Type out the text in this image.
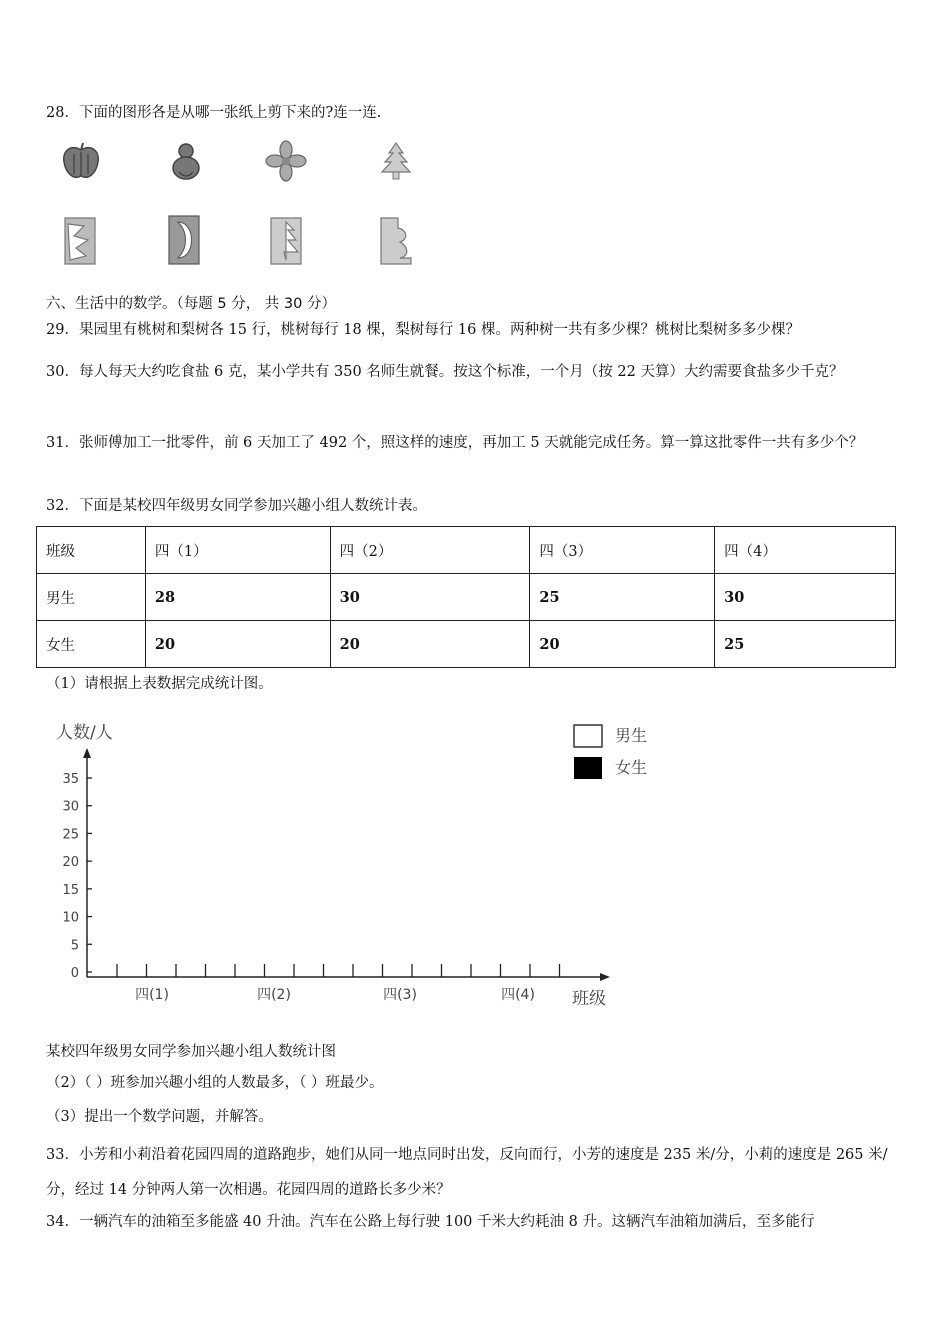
28．下面的图形各是从哪一张纸上剪下来的?连一连.
六、生活中的数学。（每题 5 分， 共 30 分）
29．果园里有桃树和梨树各 15 行，桃树每行 18 棵，梨树每行 16 棵。两种树一共有多少棵？桃树比梨树多多少棵？
30．每人每天大约吃食盐 6 克，某小学共有 350 名师生就餐。按这个标准，一个月（按 22 天算）大约需要食盐多少千克？
31．张师傅加工一批零件，前 6 天加工了 492 个，照这样的速度，再加工 5 天就能完成任务。算一算这批零件一共有多少个？
32．下面是某校四年级男女同学参加兴趣小组人数统计表。
班级	四（1）	四（2）	四（3）	四（4）
男生	28	30	25	30
女生	20	20	20	25
（1）请根据上表数据完成统计图。
人数/人
0
5
10
15
20
25
30
35
四(1)	四(2)	四(3)	四(4) 班级
男生
女生
某校四年级男女同学参加兴趣小组人数统计图
（2）（ ）班参加兴趣小组的人数最多，（ ）班最少。
（3）提出一个数学问题，并解答。
33．小芳和小莉沿着花园四周的道路跑步，她们从同一地点同时出发，反向而行，小芳的速度是 235 米/分，小莉的速度是 265 米/分，经过 14 分钟两人第一次相遇。花园四周的道路长多少米？
34．一辆汽车的油箱至多能盛 40 升油。汽车在公路上每行驶 100 千米大约耗油 8 升。这辆汽车油箱加满后，至多能行
